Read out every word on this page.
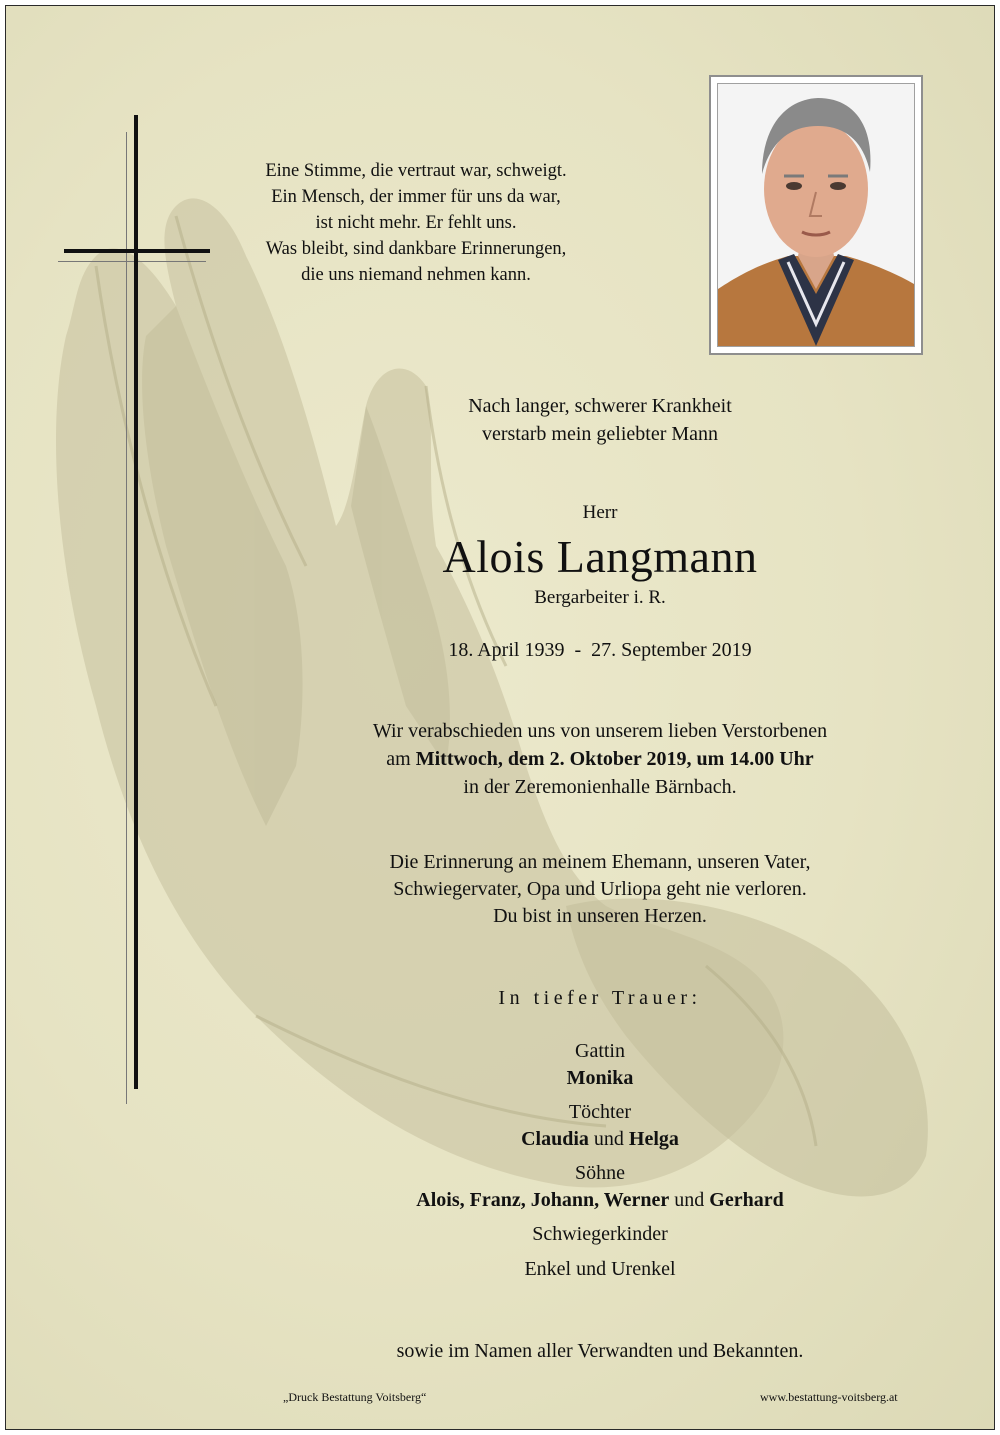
Eine Stimme, die vertraut war, schweigt.
Ein Mensch, der immer für uns da war,
ist nicht mehr. Er fehlt uns.
Was bleibt, sind dankbare Erinnerungen,
die uns niemand nehmen kann.
Nach langer, schwerer Krankheit
verstarb mein geliebter Mann
Herr
Alois Langmann
Bergarbeiter i. R.
18. April 1939  -  27. September 2019
Wir verabschieden uns von unserem lieben Verstorbenen
am Mittwoch, dem 2. Oktober 2019, um 14.00 Uhr
in der Zeremonienhalle Bärnbach.
Die Erinnerung an meinem Ehemann, unseren Vater,
Schwiegervater, Opa und Urliopa geht nie verloren.
Du bist in unseren Herzen.
In tiefer Trauer:
Gattin
Monika
Töchter
Claudia und Helga
Söhne
Alois, Franz, Johann, Werner und Gerhard
Schwiegerkinder
Enkel und Urenkel
sowie im Namen aller Verwandten und Bekannten.
„Druck Bestattung Voitsberg“	www.bestattung-voitsberg.at
